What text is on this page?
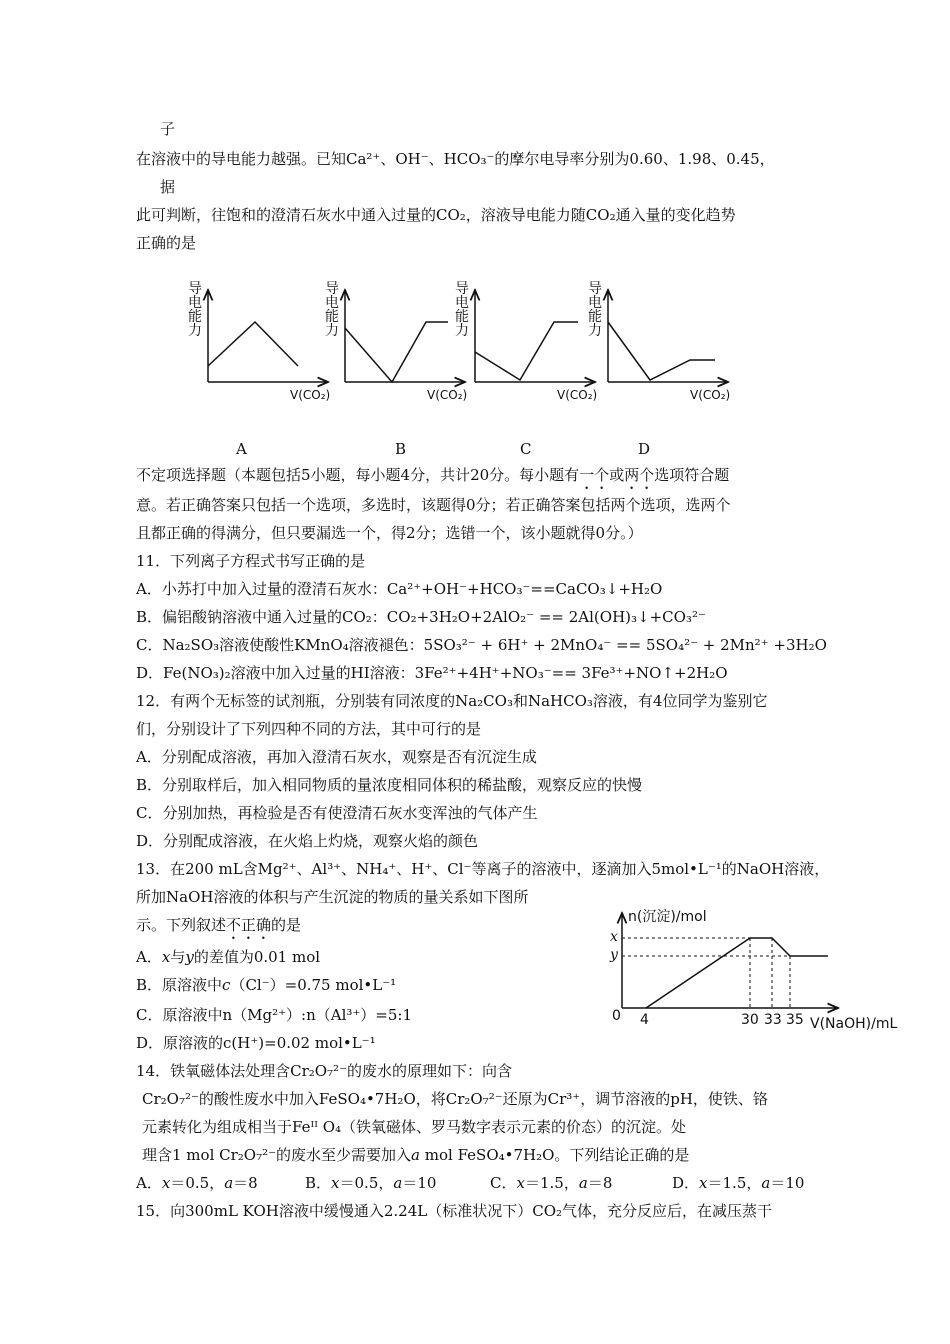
子
在溶液中的导电能力越强。已知Ca²⁺、OH⁻、HCO₃⁻的摩尔电导率分别为0.60、1.98、0.45，
据
此可判断，往饱和的澄清石灰水中通入过量的CO₂，溶液导电能力随CO₂通入量的变化趋势
正确的是
导电能力
导电能力
导电能力
导电能力
V(CO₂)	V(CO₂)	V(CO₂)	V(CO₂)
A	B	C	D
不定项选择题（本题包括5小题，每小题4分，共计20分。每小题有一个或两个选项符合题
意。若正确答案只包括一个选项，多选时，该题得0分；若正确答案包括两个选项，选两个
且都正确的得满分，但只要漏选一个，得2分；选错一个，该小题就得0分。）
11．下列离子方程式书写正确的是
A．小苏打中加入过量的澄清石灰水：Ca²⁺+OH⁻+HCO₃⁻==CaCO₃↓+H₂O
B．偏铝酸钠溶液中通入过量的CO₂：CO₂+3H₂O+2AlO₂⁻ == 2Al(OH)₃↓+CO₃²⁻
C．Na₂SO₃溶液使酸性KMnO₄溶液褪色：5SO₃²⁻ + 6H⁺ + 2MnO₄⁻ == 5SO₄²⁻ + 2Mn²⁺ +3H₂O
D．Fe(NO₃)₂溶液中加入过量的HI溶液：3Fe²⁺+4H⁺+NO₃⁻== 3Fe³⁺+NO↑+2H₂O
12．有两个无标签的试剂瓶，分别装有同浓度的Na₂CO₃和NaHCO₃溶液，有4位同学为鉴别它
们，分别设计了下列四种不同的方法，其中可行的是
A．分别配成溶液，再加入澄清石灰水，观察是否有沉淀生成
B．分别取样后，加入相同物质的量浓度相同体积的稀盐酸，观察反应的快慢
C．分别加热，再检验是否有使澄清石灰水变浑浊的气体产生
D．分别配成溶液，在火焰上灼烧，观察火焰的颜色
13．在200 mL含Mg²⁺、Al³⁺、NH₄⁺、H⁺、Cl⁻等离子的溶液中，逐滴加入5mol•L⁻¹的NaOH溶液，
所加NaOH溶液的体积与产生沉淀的物质的量关系如下图所
示。下列叙述不正确的是
A．x与y的差值为0.01 mol
B．原溶液中c（Cl⁻）=0.75 mol•L⁻¹
C．原溶液中n（Mg²⁺）:n（Al³⁺）=5:1
D．原溶液的c(H⁺)=0.02 mol•L⁻¹
n(沉淀)/mol
x
y
0 4	30 33 35 V(NaOH)/mL
14．铁氧磁体法处理含Cr₂O₇²⁻的废水的原理如下：向含
Cr₂O₇²⁻的酸性废水中加入FeSO₄•7H₂O，将Cr₂O₇²⁻还原为Cr³⁺，调节溶液的pH，使铁、铬
元素转化为组成相当于Feᴵᴵ O₄（铁氧磁体、罗马数字表示元素的价态）的沉淀。处
理含1 mol Cr₂O₇²⁻的废水至少需要加入a mol FeSO₄•7H₂O。下列结论正确的是
A．x＝0.5，a＝8	B．x＝0.5，a＝10	C．x＝1.5，a＝8	D．x＝1.5，a＝10
15．向300mL KOH溶液中缓慢通入2.24L（标准状况下）CO₂气体，充分反应后，在减压蒸干
